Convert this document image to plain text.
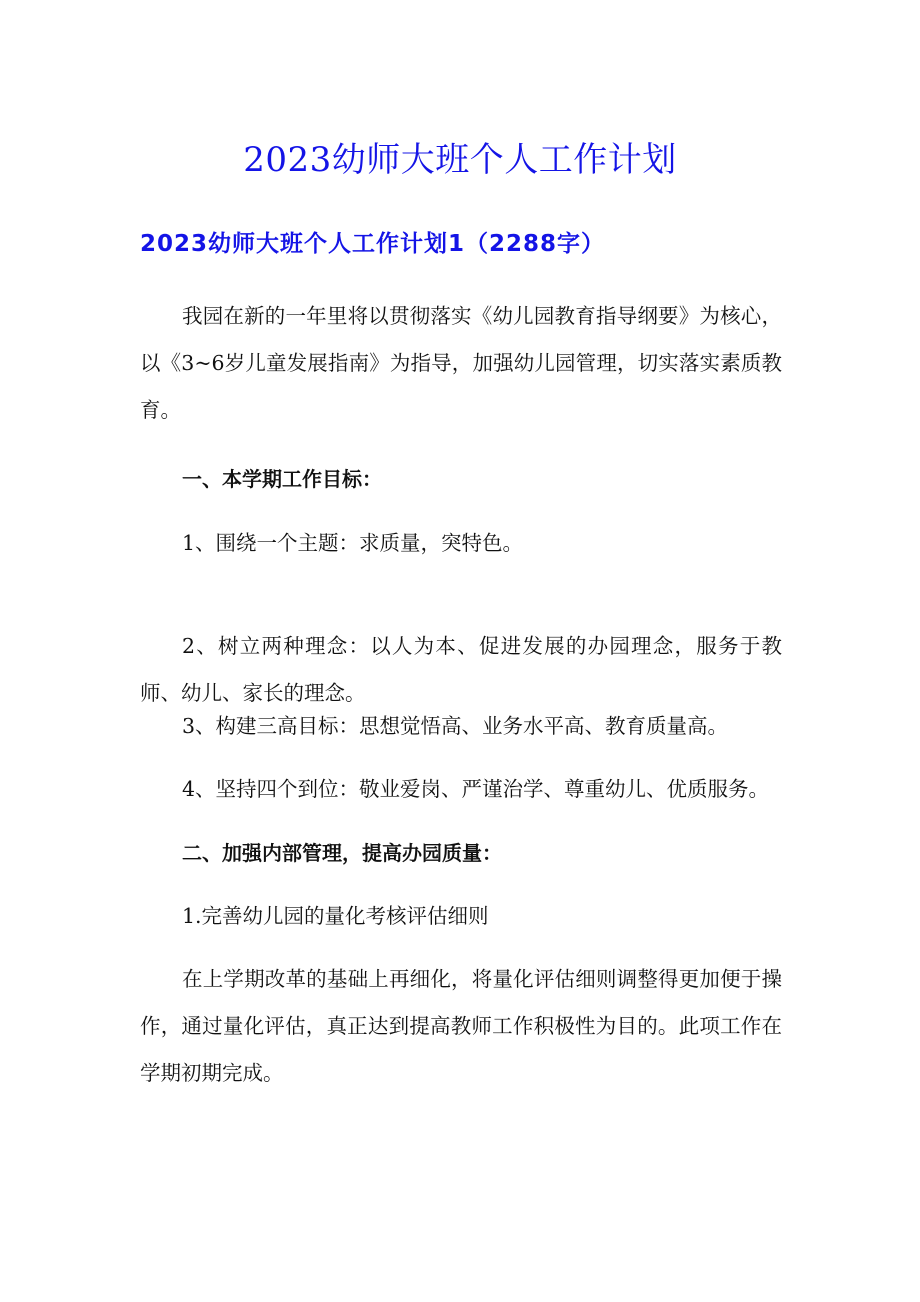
2023幼师大班个人工作计划
2023幼师大班个人工作计划1（2288字）

我园在新的一年里将以贯彻落实《幼儿园教育指导纲要》为核心，以《3~6岁儿童发展指南》为指导，加强幼儿园管理，切实落实素质教育。

一、本学期工作目标：

1、围绕一个主题：求质量，突特色。

2、树立两种理念：以人为本、促进发展的办园理念，服务于教师、幼儿、家长的理念。

3、构建三高目标：思想觉悟高、业务水平高、教育质量高。

4、坚持四个到位：敬业爱岗、严谨治学、尊重幼儿、优质服务。

二、加强内部管理，提高办园质量：

1.完善幼儿园的量化考核评估细则

在上学期改革的基础上再细化，将量化评估细则调整得更加便于操作，通过量化评估，真正达到提高教师工作积极性为目的。此项工作在学期初期完成。
